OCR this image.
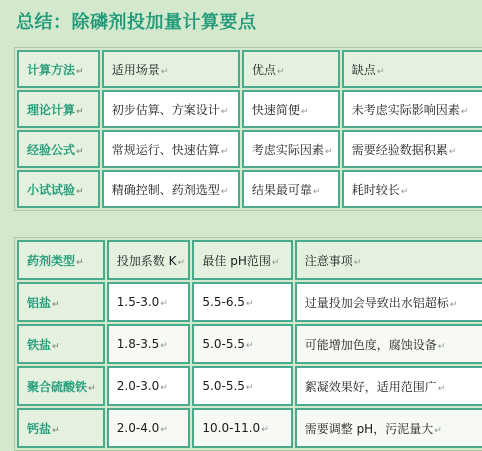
总结：除磷剂投加量计算要点
计算方法↵	适用场景↵	优点↵	缺点↵
理论计算↵	初步估算、方案设计↵	快速简便↵	未考虑实际影响因素↵
经验公式↵	常规运行、快速估算↵	考虑实际因素↵	需要经验数据积累↵
小试试验↵	精确控制、药剂选型↵	结果最可靠↵	耗时较长↵
药剂类型↵	投加系数 K↵	最佳 pH范围↵	注意事项↵
铝盐↵	1.5-3.0↵	5.5-6.5↵	过量投加会导致出水铝超标↵
铁盐↵	1.8-3.5↵	5.0-5.5↵	可能增加色度，腐蚀设备↵
聚合硫酸铁↵	2.0-3.0↵	5.0-5.5↵	絮凝效果好，适用范围广↵
钙盐↵	2.0-4.0↵	10.0-11.0↵	需要调整 pH，污泥量大↵
